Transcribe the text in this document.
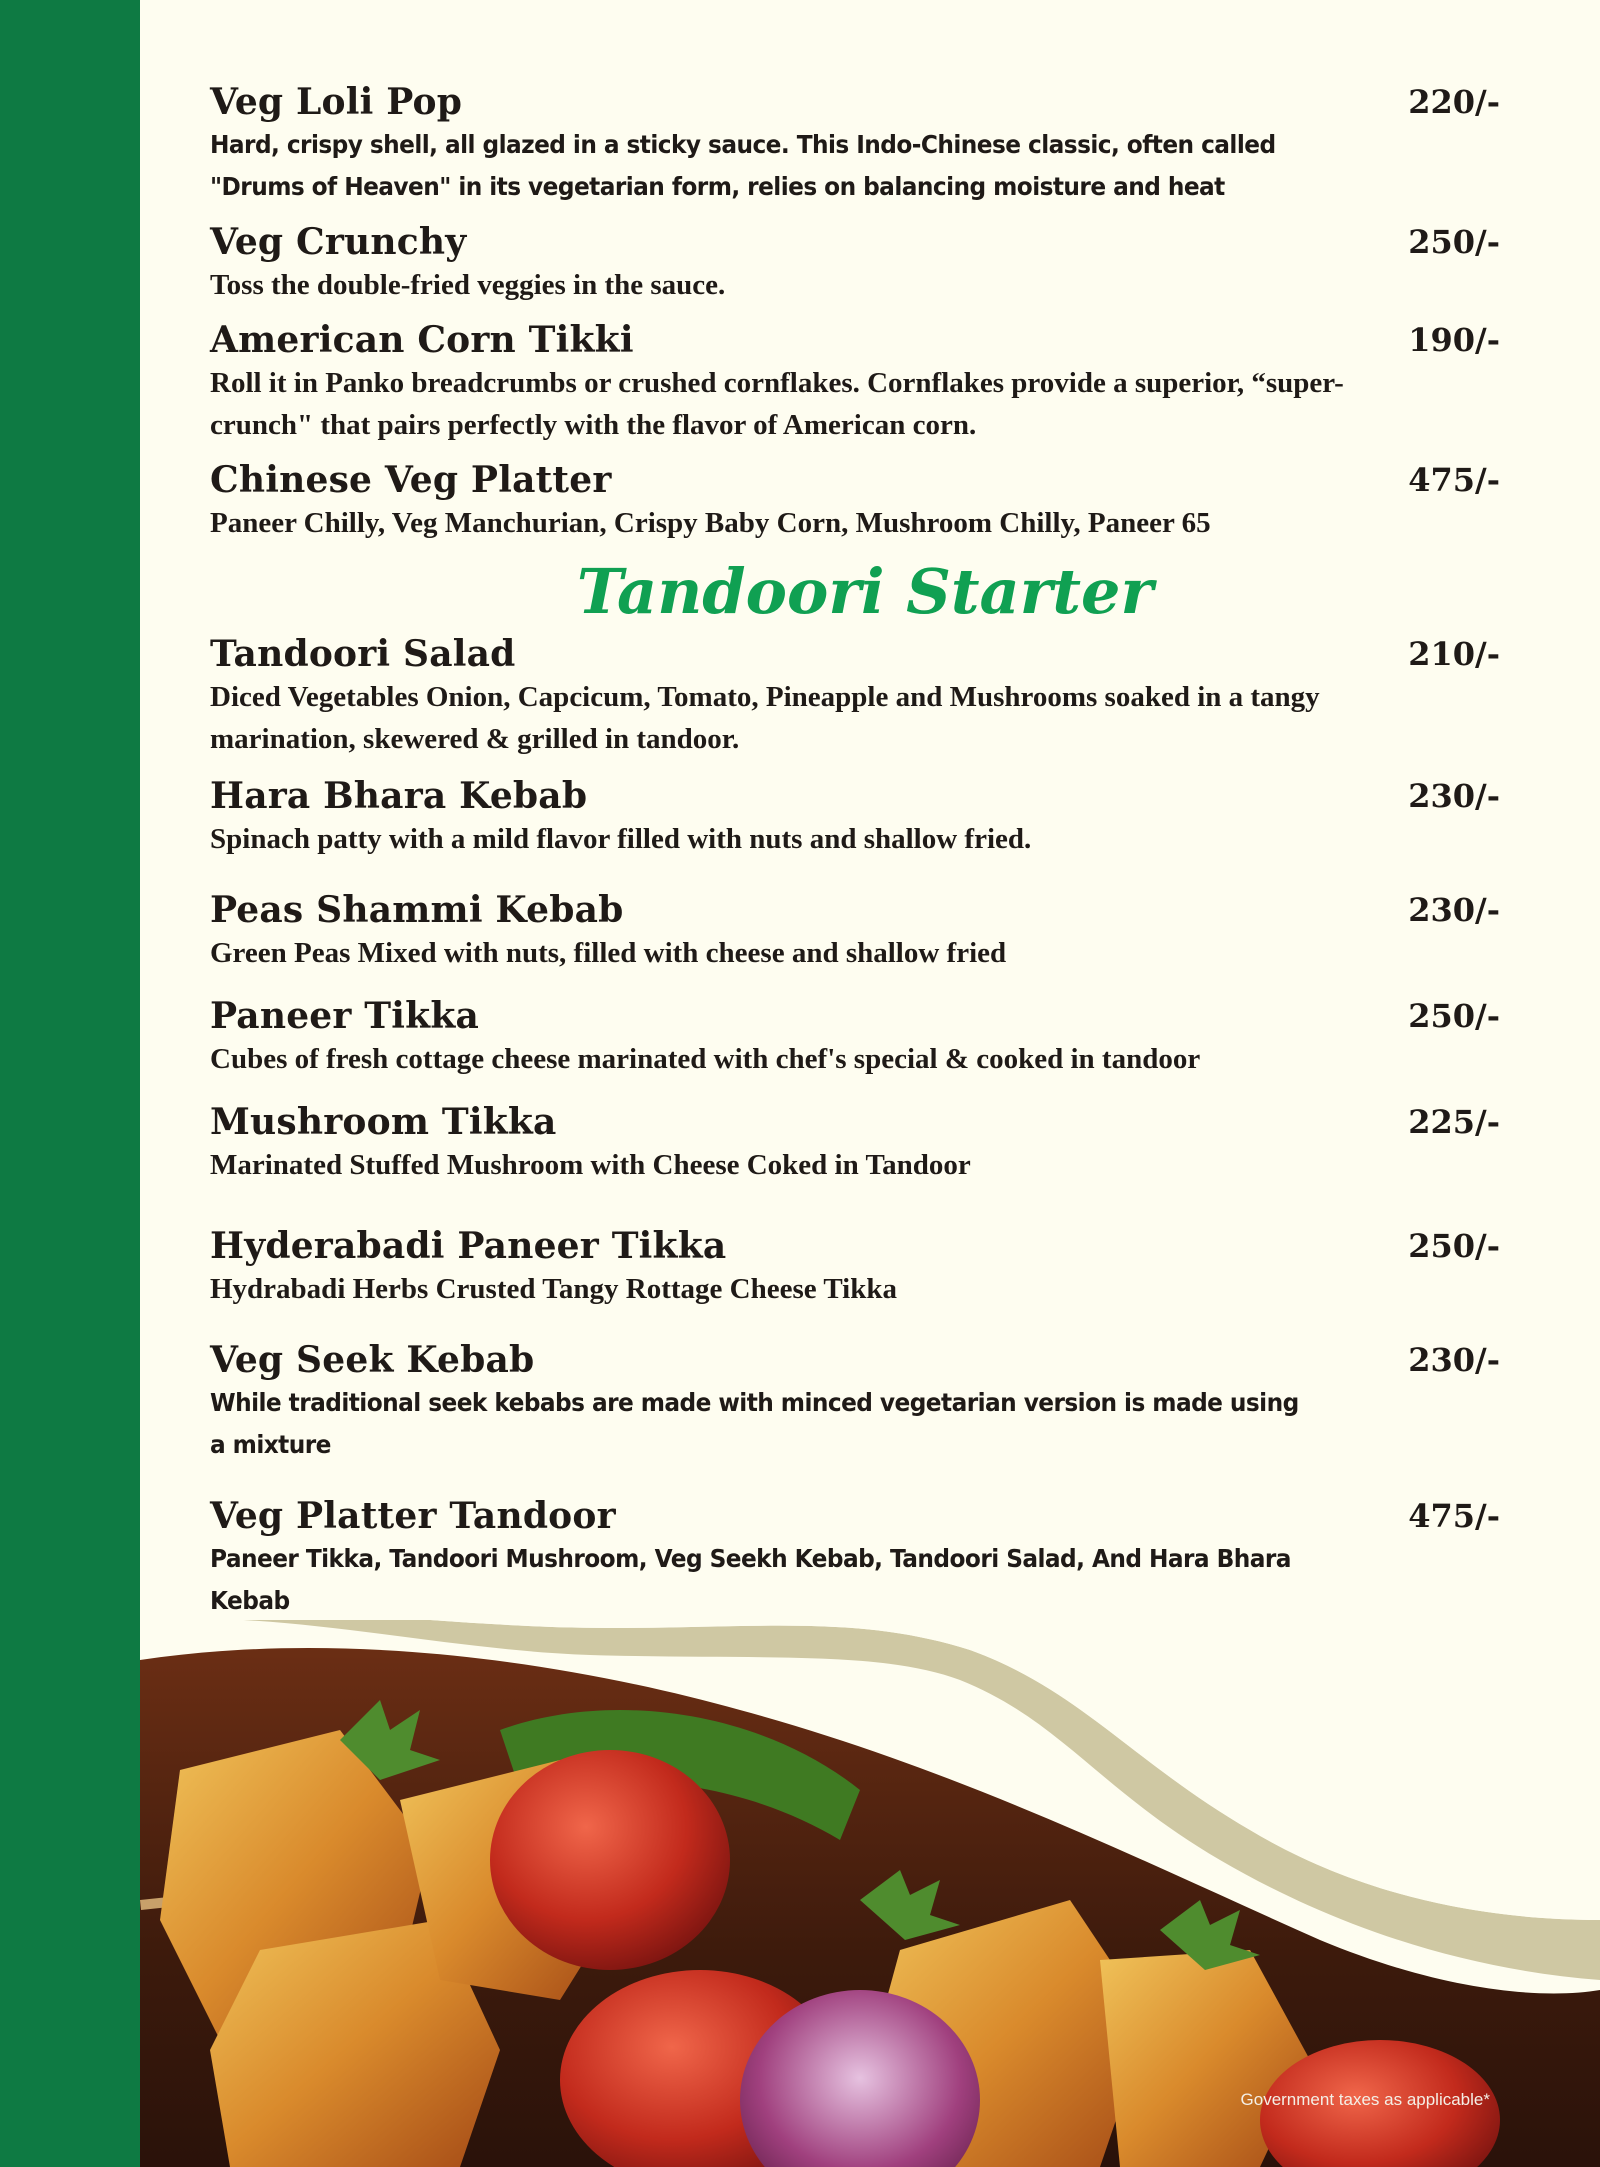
Veg Loli Pop	220/-
Hard, crispy shell, all glazed in a sticky sauce. This Indo-Chinese classic, often called "Drums of Heaven" in its vegetarian form, relies on balancing moisture and heat
Veg Crunchy	250/-
Toss the double-fried veggies in the sauce.
American Corn Tikki	190/-
Roll it in Panko breadcrumbs or crushed cornflakes. Cornflakes provide a superior, “super-crunch" that pairs perfectly with the flavor of American corn.
Chinese Veg Platter	475/-
Paneer Chilly, Veg Manchurian, Crispy Baby Corn, Mushroom Chilly, Paneer 65
Tandoori Starter
Tandoori Salad	210/-
Diced Vegetables Onion, Capcicum, Tomato, Pineapple and Mushrooms soaked in a tangy marination, skewered & grilled in tandoor.
Hara Bhara Kebab	230/-
Spinach patty with a mild flavor filled with nuts and shallow fried.
Peas Shammi Kebab	230/-
Green Peas Mixed with nuts, filled with cheese and shallow fried
Paneer Tikka	250/-
Cubes of fresh cottage cheese marinated with chef's special & cooked in tandoor
Mushroom Tikka	225/-
Marinated Stuffed Mushroom with Cheese Coked in Tandoor
Hyderabadi Paneer Tikka	250/-
Hydrabadi Herbs Crusted Tangy Rottage Cheese Tikka
Veg Seek Kebab	230/-
While traditional seek kebabs are made with minced vegetarian version is made using a mixture
Veg Platter Tandoor	475/-
Paneer Tikka, Tandoori Mushroom, Veg Seekh Kebab, Tandoori Salad, And Hara Bhara Kebab
Government taxes as applicable*
